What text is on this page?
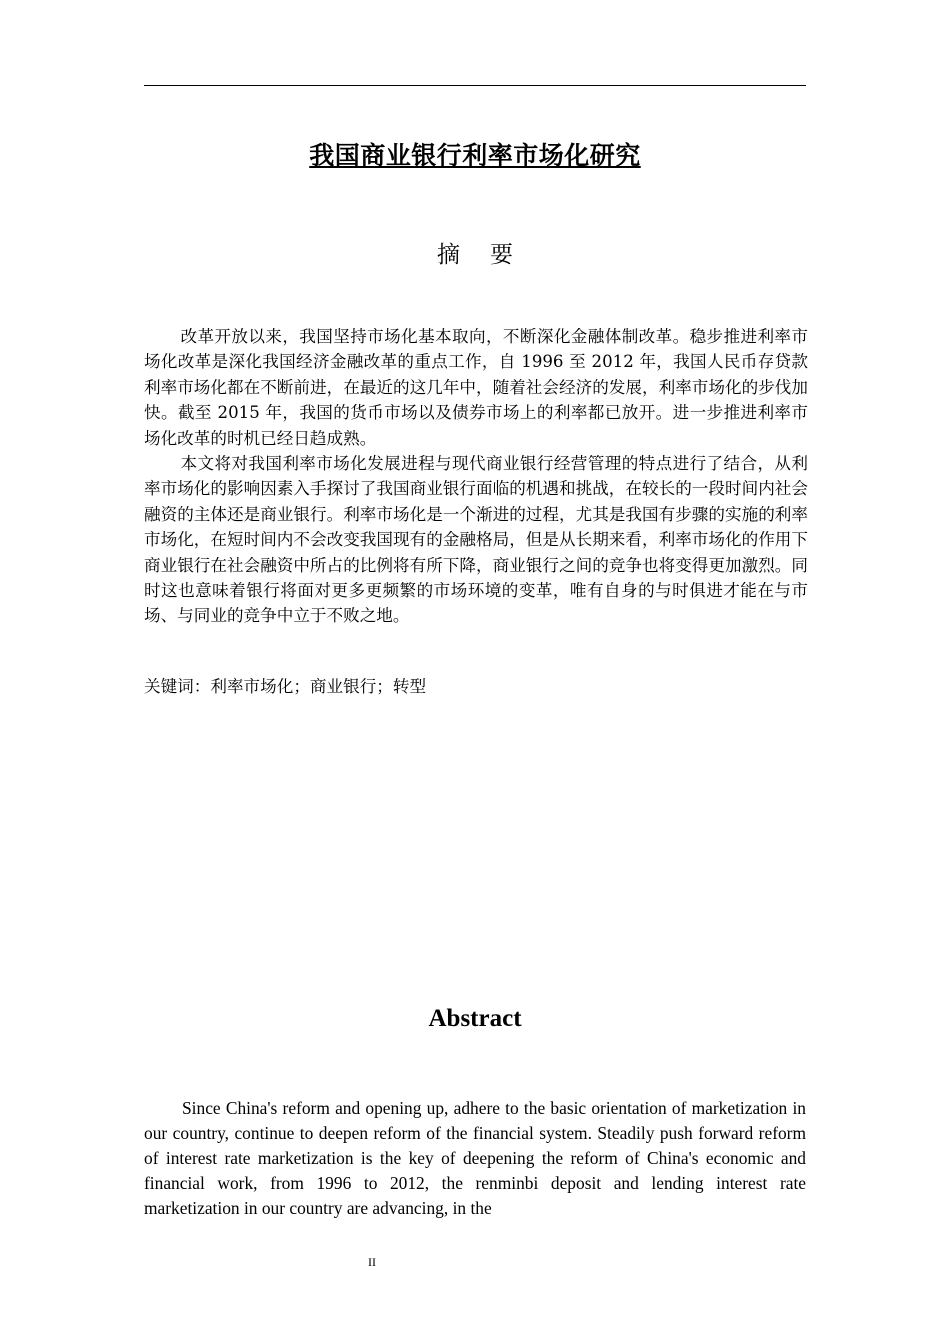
我国商业银行利率市场化研究
摘要

改革开放以来，我国坚持市场化基本取向，不断深化金融体制改革。稳步推进利率市场化改革是深化我国经济金融改革的重点工作，自 1996 至 2012 年，我国人民币存贷款利率市场化都在不断前进，在最近的这几年中，随着社会经济的发展，利率市场化的步伐加快。截至 2015 年，我国的货币市场以及债券市场上的利率都已放开。进一步推进利率市场化改革的时机已经日趋成熟。

本文将对我国利率市场化发展进程与现代商业银行经营管理的特点进行了结合，从利率市场化的影响因素入手探讨了我国商业银行面临的机遇和挑战，在较长的一段时间内社会融资的主体还是商业银行。利率市场化是一个渐进的过程，尤其是我国有步骤的实施的利率市场化，在短时间内不会改变我国现有的金融格局，但是从长期来看，利率市场化的作用下商业银行在社会融资中所占的比例将有所下降，商业银行之间的竞争也将变得更加激烈。同时这也意味着银行将面对更多更频繁的市场环境的变革，唯有自身的与时俱进才能在与市场、与同业的竞争中立于不败之地。

关键词：利率市场化；商业银行；转型
Abstract

Since China's reform and opening up, adhere to the basic orientation of marketization in our country, continue to deepen reform of the financial system. Steadily push forward reform of interest rate marketization is the key of deepening the reform of China's economic and financial work, from 1996 to 2012, the renminbi deposit and lending interest rate marketization in our country are advancing, in the

II
